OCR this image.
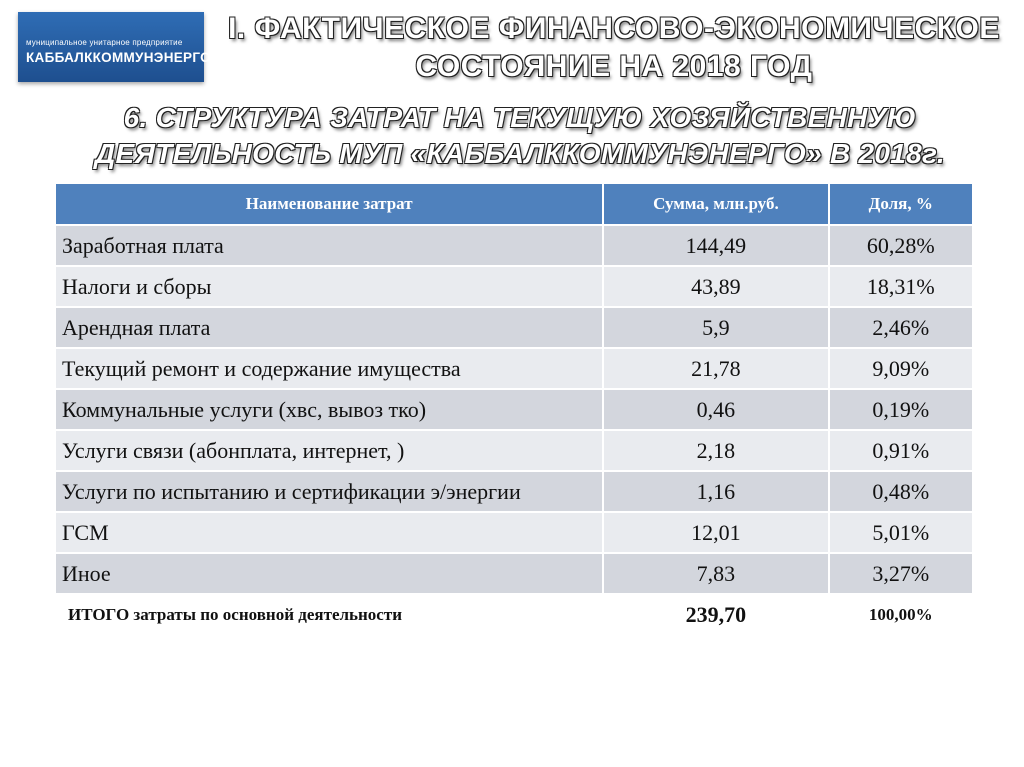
муниципальное унитарное предприятие
КАББАЛККОММУНЭНЕРГО
I. ФАКТИЧЕСКОЕ ФИНАНСОВО-ЭКОНОМИЧЕСКОЕ
СОСТОЯНИЕ НА 2018 ГОД
6. СТРУКТУРА ЗАТРАТ НА ТЕКУЩУЮ ХОЗЯЙСТВЕННУЮ
ДЕЯТЕЛЬНОСТЬ МУП «КАББАЛККОММУНЭНЕРГО» В 2018г.
Наименование затрат	Сумма, млн.руб.	Доля, %
Заработная плата	144,49	60,28%
Налоги и сборы	43,89	18,31%
Арендная плата	5,9	2,46%
Текущий ремонт и содержание имущества	21,78	9,09%
Коммунальные услуги (хвс, вывоз тко)	0,46	0,19%
Услуги связи (абонплата, интернет, )	2,18	0,91%
Услуги по испытанию и сертификации э/энергии	1,16	0,48%
ГСМ	12,01	5,01%
Иное	7,83	3,27%
ИТОГО затраты по основной деятельности	239,70	100,00%
